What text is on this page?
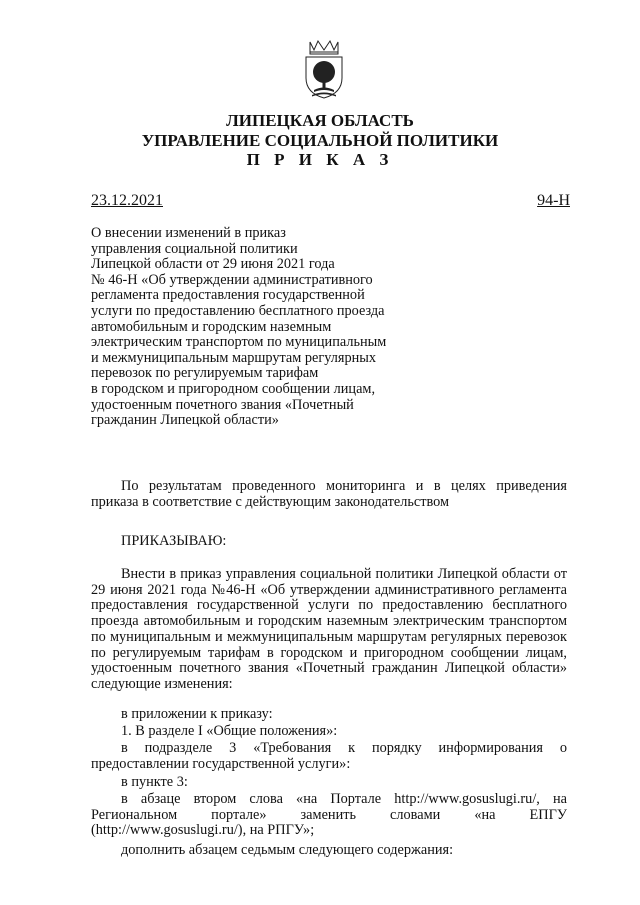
ЛИПЕЦКАЯ ОБЛАСТЬ
УПРАВЛЕНИЕ СОЦИАЛЬНОЙ ПОЛИТИКИ
П Р И К А З
23.12.2021	94-Н
О внесении изменений в приказ
управления социальной политики
Липецкой области от 29 июня 2021 года
№ 46-Н «Об утверждении административного
регламента предоставления государственной
услуги по предоставлению бесплатного проезда
автомобильным и городским наземным
электрическим транспортом по муниципальным
и межмуниципальным маршрутам регулярных
перевозок по регулируемым тарифам
в городском и пригородном сообщении лицам,
удостоенным почетного звания «Почетный
гражданин Липецкой области»

По результатам проведенного мониторинга и в целях приведения приказа в соответствие с действующим законодательством

ПРИКАЗЫВАЮ:

Внести в приказ управления социальной политики Липецкой области от 29 июня 2021 года №46-Н «Об утверждении административного регламента предоставления государственной услуги по предоставлению бесплатного проезда автомобильным и городским наземным электрическим транспортом по муниципальным и межмуниципальным маршрутам регулярных перевозок по регулируемым тарифам в городском и пригородном сообщении лицам, удостоенным почетного звания «Почетный гражданин Липецкой области» следующие изменения:

в приложении к приказу:

1. В разделе I «Общие положения»:

в подразделе 3 «Требования к порядку информирования о предоставлении государственной услуги»:

в пункте 3:

в абзаце втором слова «на Портале http://www.gosuslugi.ru/, на Региональном портале» заменить словами «на ЕПГУ (http://www.gosuslugi.ru/), на РПГУ»;

дополнить абзацем седьмым следующего содержания:
